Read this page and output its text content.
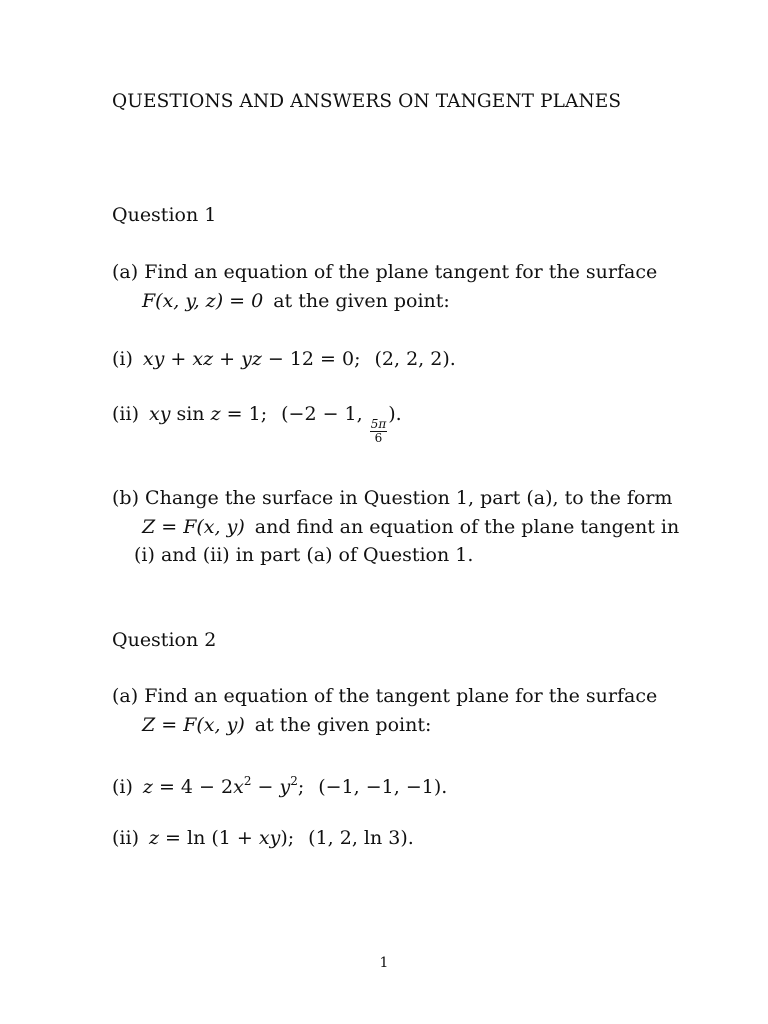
QUESTIONS AND ANSWERS ON TANGENT PLANES
Question 1
(a) Find an equation of the plane tangent for the surface
F(x, y, z) = 0 at the given point:
(i) xy + xz + yz − 12 = 0; (2, 2, 2).
(ii) xy sin z = 1; (−2 − 1,
$\frac{5\pi}{6}$
).
(b) Change the surface in Question 1, part (a), to the form
Z = F(x, y) and find an equation of the plane tangent in
(i) and (ii) in part (a) of Question 1.
Question 2
(a) Find an equation of the tangent plane for the surface
Z = F(x, y) at the given point:
(i) $z = 4 - 2x^2 - y^2$; (−1, −1, −1).
(ii) z = ln (1 + xy); (1, 2, ln 3).
1
